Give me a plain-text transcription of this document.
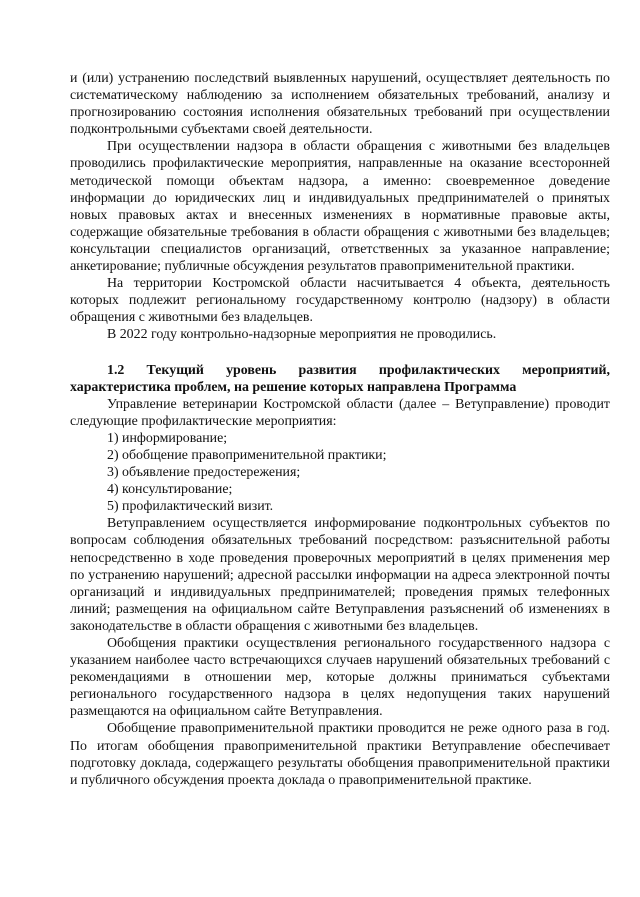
и (или) устранению последствий выявленных нарушений, осуществляет деятельность по систематическому наблюдению за исполнением обязательных требований, анализу и прогнозированию состояния исполнения обязательных требований при осуществлении подконтрольными субъектами своей деятельности.

При осуществлении надзора в области обращения с животными без владельцев проводились профилактические мероприятия, направленные на оказание всесторонней методической помощи объектам надзора, а именно: своевременное доведение информации до юридических лиц и индивидуальных предпринимателей о принятых новых правовых актах и внесенных изменениях в нормативные правовые акты, содержащие обязательные требования в области обращения с животными без владельцев; консультации специалистов организаций, ответственных за указанное направление; анкетирование; публичные обсуждения результатов правоприменительной практики.

На территории Костромской области насчитывается 4 объекта, деятельность которых подлежит региональному государственному контролю (надзору) в области обращения с животными без владельцев.

В 2022 году контрольно-надзорные мероприятия не проводились.

1.2 Текущий уровень развития профилактических мероприятий, характеристика проблем, на решение которых направлена Программа

Управление ветеринарии Костромской области (далее – Ветуправление) проводит следующие профилактические мероприятия:

1) информирование;

2) обобщение правоприменительной практики;

3) объявление предостережения;

4) консультирование;

5) профилактический визит.

Ветуправлением осуществляется информирование подконтрольных субъектов по вопросам соблюдения обязательных требований посредством: разъяснительной работы непосредственно в ходе проведения проверочных мероприятий в целях применения мер по устранению нарушений; адресной рассылки информации на адреса электронной почты организаций и индивидуальных предпринимателей; проведения прямых телефонных линий; размещения на официальном сайте Ветуправления разъяснений об изменениях в законодательстве в области обращения с животными без владельцев.

Обобщения практики осуществления регионального государственного надзора с указанием наиболее часто встречающихся случаев нарушений обязательных требований с рекомендациями в отношении мер, которые должны приниматься субъектами регионального государственного надзора в целях недопущения таких нарушений размещаются на официальном сайте Ветуправления.

Обобщение правоприменительной практики проводится не реже одного раза в год. По итогам обобщения правоприменительной практики Ветуправление обеспечивает подготовку доклада, содержащего результаты обобщения правоприменительной практики и публичного обсуждения проекта доклада о правоприменительной практике.
